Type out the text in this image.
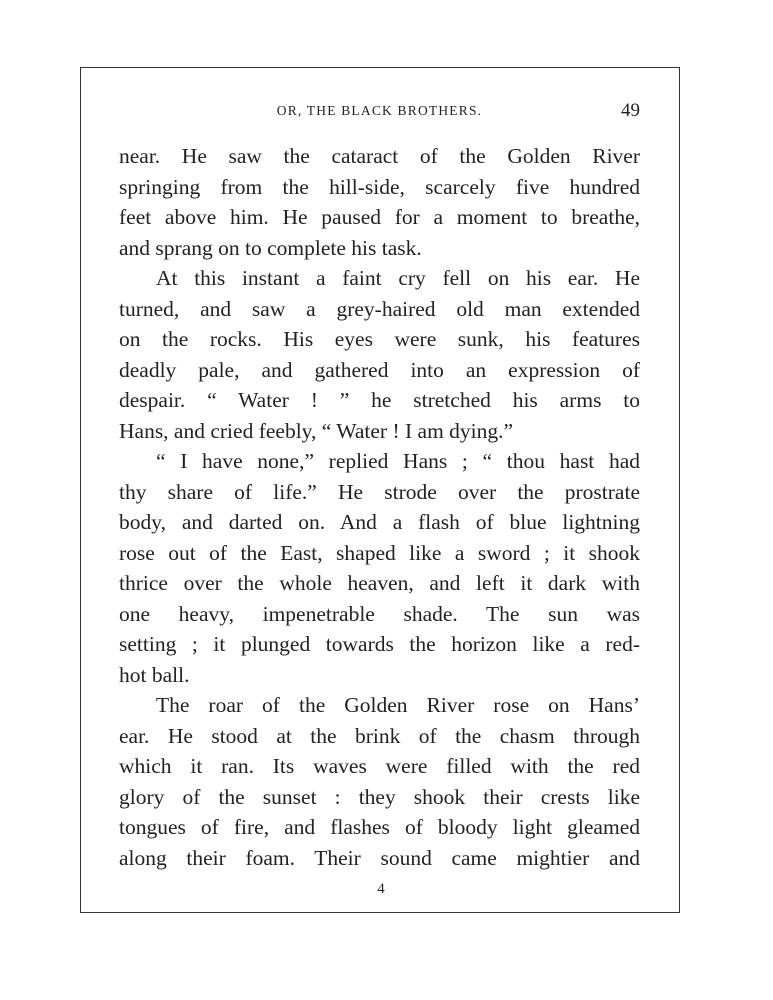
OR, THE BLACK BROTHERS.	49
near. He saw the cataract of the Golden River
springing from the hill-side, scarcely five hundred
feet above him. He paused for a moment to breathe,
and sprang on to complete his task.
At this instant a faint cry fell on his ear. He
turned, and saw a grey-haired old man extended
on the rocks. His eyes were sunk, his features
deadly pale, and gathered into an expression of
despair. “ Water ! ” he stretched his arms to
Hans, and cried feebly, “ Water ! I am dying.”
“ I have none,” replied Hans ; “ thou hast had
thy share of life.” He strode over the prostrate
body, and darted on. And a flash of blue lightning
rose out of the East, shaped like a sword ; it shook
thrice over the whole heaven, and left it dark with
one heavy, impenetrable shade. The sun was
setting ; it plunged towards the horizon like a red-
hot ball.
The roar of the Golden River rose on Hans’
ear. He stood at the brink of the chasm through
which it ran. Its waves were filled with the red
glory of the sunset : they shook their crests like
tongues of fire, and flashes of bloody light gleamed
along their foam. Their sound came mightier and
4
